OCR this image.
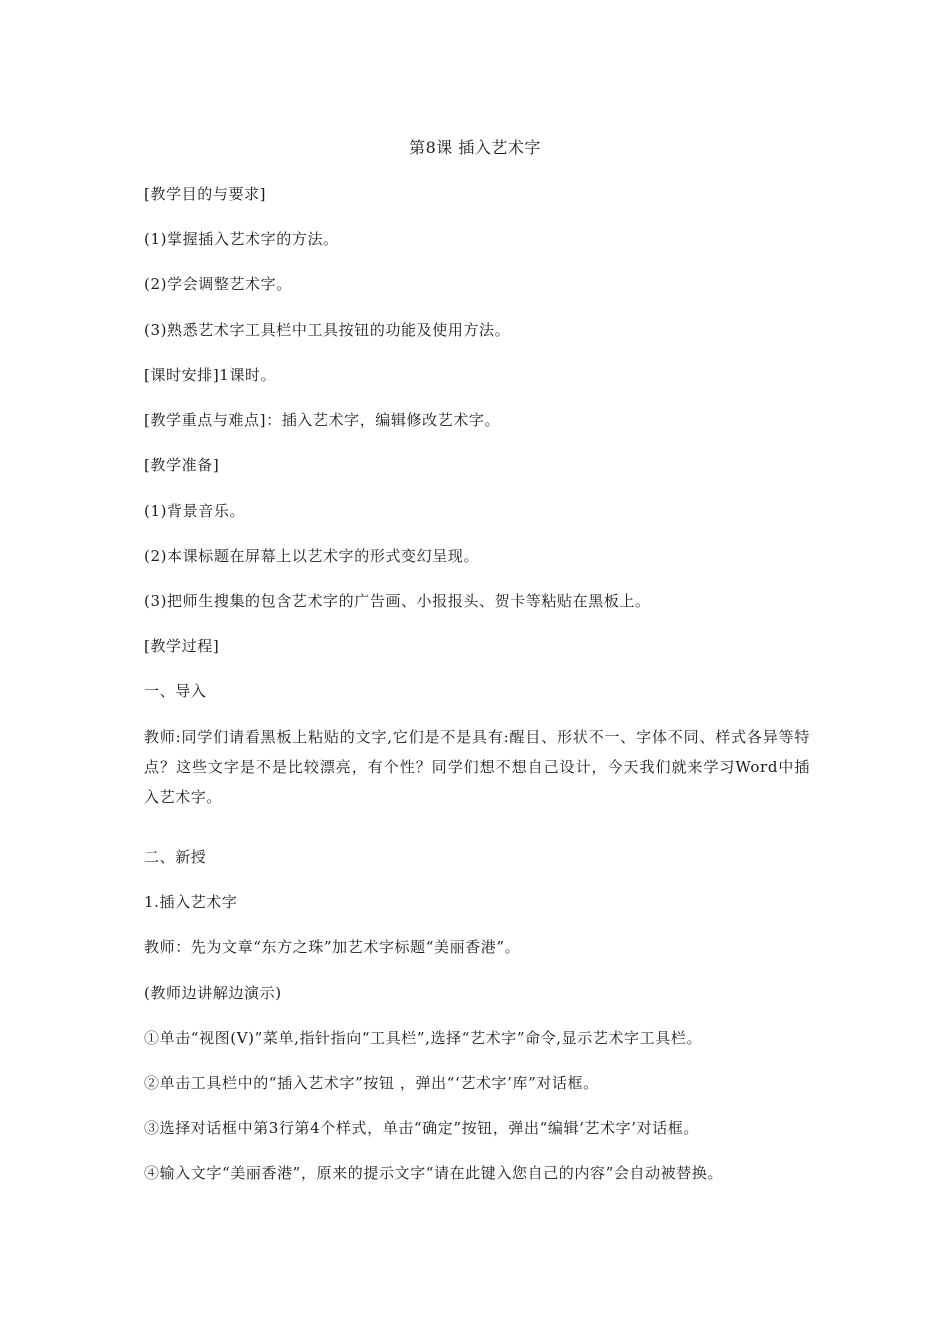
第8课 插入艺术字
[教学目的与要求]
(1)掌握插入艺术字的方法。
(2)学会调整艺术字。
(3)熟悉艺术字工具栏中工具按钮的功能及使用方法。
[课时安排]1课时。
[教学重点与难点]：插入艺术字，编辑修改艺术字。
[教学准备]
(1)背景音乐。
(2)本课标题在屏幕上以艺术字的形式变幻呈现。
(3)把师生搜集的包含艺术字的广告画、小报报头、贺卡等粘贴在黑板上。
[教学过程]
一、导入
教师:同学们请看黑板上粘贴的文字,它们是不是具有:醒目、形状不一、字体不同、样式各异等特点？这些文字是不是比较漂亮，有个性？同学们想不想自己设计，今天我们就来学习Word中插入艺术字。
二、新授
1.插入艺术字
教师：先为文章“东方之珠”加艺术字标题“美丽香港”。
(教师边讲解边演示)
①单击“视图(V)”菜单,指针指向“工具栏”,选择“艺术字”命令,显示艺术字工具栏。
②单击工具栏中的“插入艺术字”按钮 ，弹出“‘艺术字’库”对话框。
③选择对话框中第3行第4个样式，单击“确定”按钮，弹出“编辑‘艺术字’对话框。
④输入文字“美丽香港”，原来的提示文字“请在此键入您自己的内容”会自动被替换。
